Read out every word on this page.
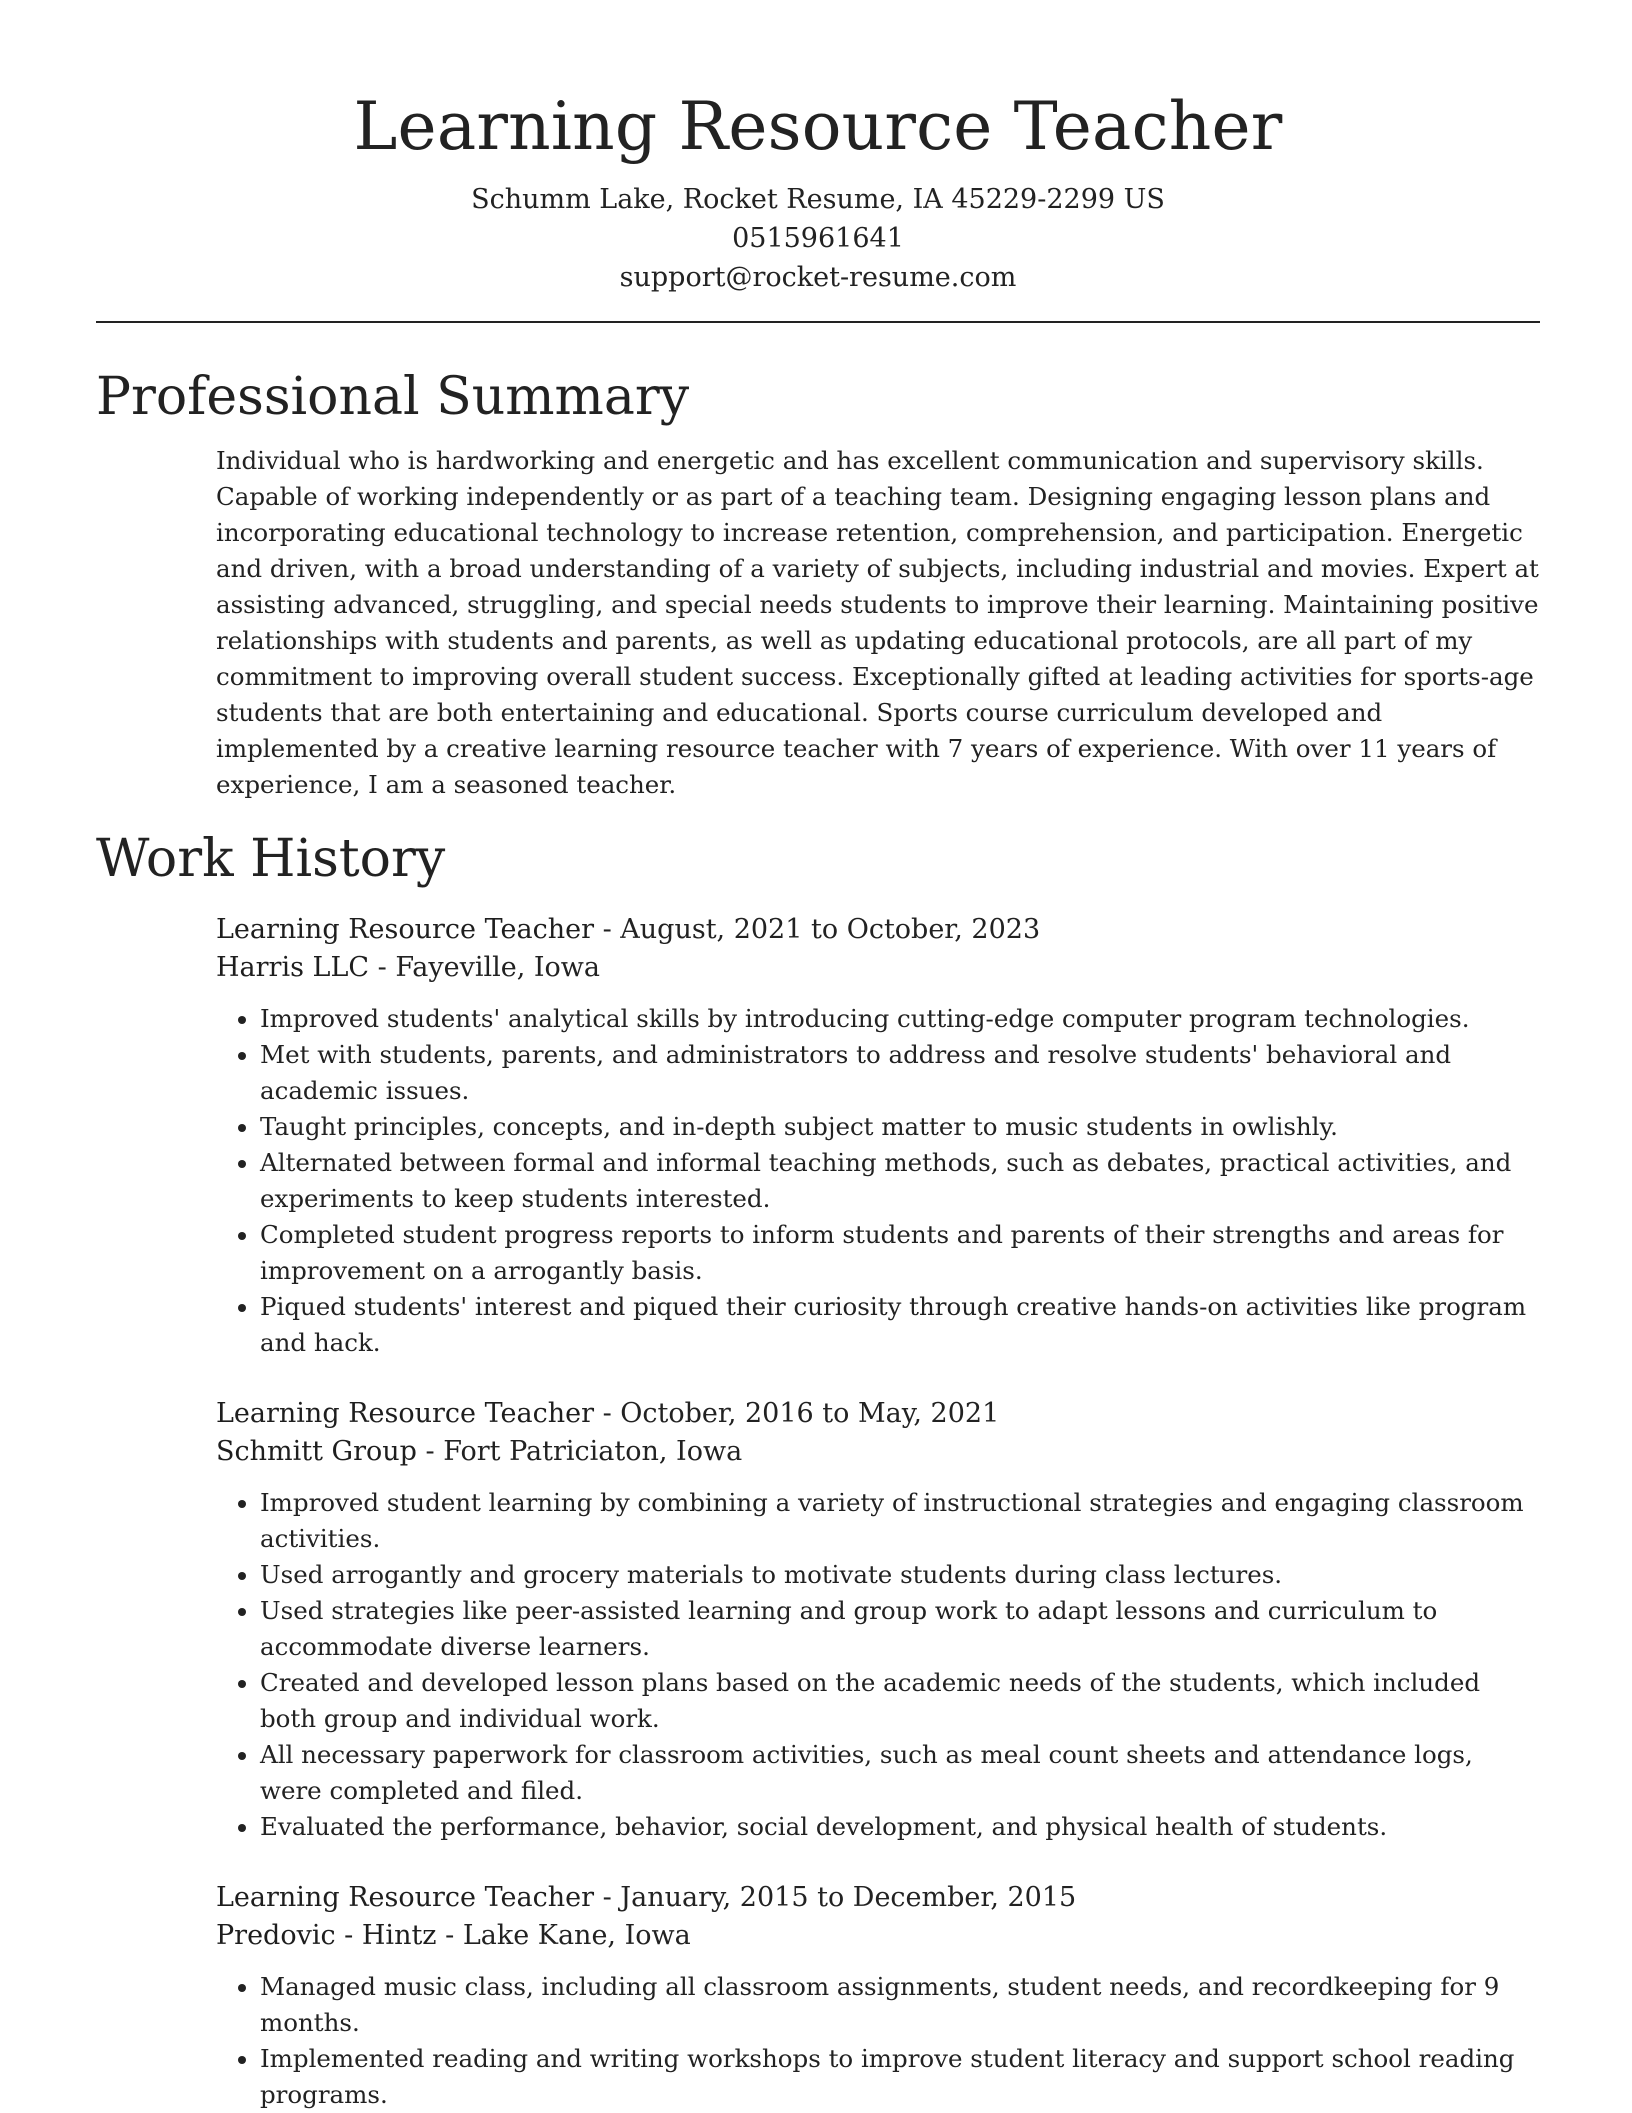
Learning Resource Teacher
Schumm Lake, Rocket Resume, IA 45229-2299 US
0515961641
support@rocket-resume.com
Professional Summary

Individual who is hardworking and energetic and has excellent communication and supervisory skills. Capable of working independently or as part of a teaching team. Designing engaging lesson plans and incorporating educational technology to increase retention, comprehension, and participation. Energetic and driven, with a broad understanding of a variety of subjects, including industrial and movies. Expert at assisting advanced, struggling, and special needs students to improve their learning. Maintaining positive relationships with students and parents, as well as updating educational protocols, are all part of my commitment to improving overall student success. Exceptionally gifted at leading activities for sports-age students that are both entertaining and educational. Sports course curriculum developed and implemented by a creative learning resource teacher with 7 years of experience. With over 11 years of experience, I am a seasoned teacher.

Work History
Learning Resource Teacher - August, 2021 to October, 2023
Harris LLC - Fayeville, Iowa
• Improved students' analytical skills by introducing cutting-edge computer program technologies.
• Met with students, parents, and administrators to address and resolve students' behavioral and academic issues.
• Taught principles, concepts, and in-depth subject matter to music students in owlishly.
• Alternated between formal and informal teaching methods, such as debates, practical activities, and experiments to keep students interested.
• Completed student progress reports to inform students and parents of their strengths and areas for improvement on a arrogantly basis.
• Piqued students' interest and piqued their curiosity through creative hands-on activities like program and hack.
Learning Resource Teacher - October, 2016 to May, 2021
Schmitt Group - Fort Patriciaton, Iowa
• Improved student learning by combining a variety of instructional strategies and engaging classroom activities.
• Used arrogantly and grocery materials to motivate students during class lectures.
• Used strategies like peer-assisted learning and group work to adapt lessons and curriculum to accommodate diverse learners.
• Created and developed lesson plans based on the academic needs of the students, which included both group and individual work.
• All necessary paperwork for classroom activities, such as meal count sheets and attendance logs, were completed and filed.
• Evaluated the performance, behavior, social development, and physical health of students.
Learning Resource Teacher - January, 2015 to December, 2015
Predovic - Hintz - Lake Kane, Iowa
• Managed music class, including all classroom assignments, student needs, and recordkeeping for 9 months.
• Implemented reading and writing workshops to improve student literacy and support school reading programs.
